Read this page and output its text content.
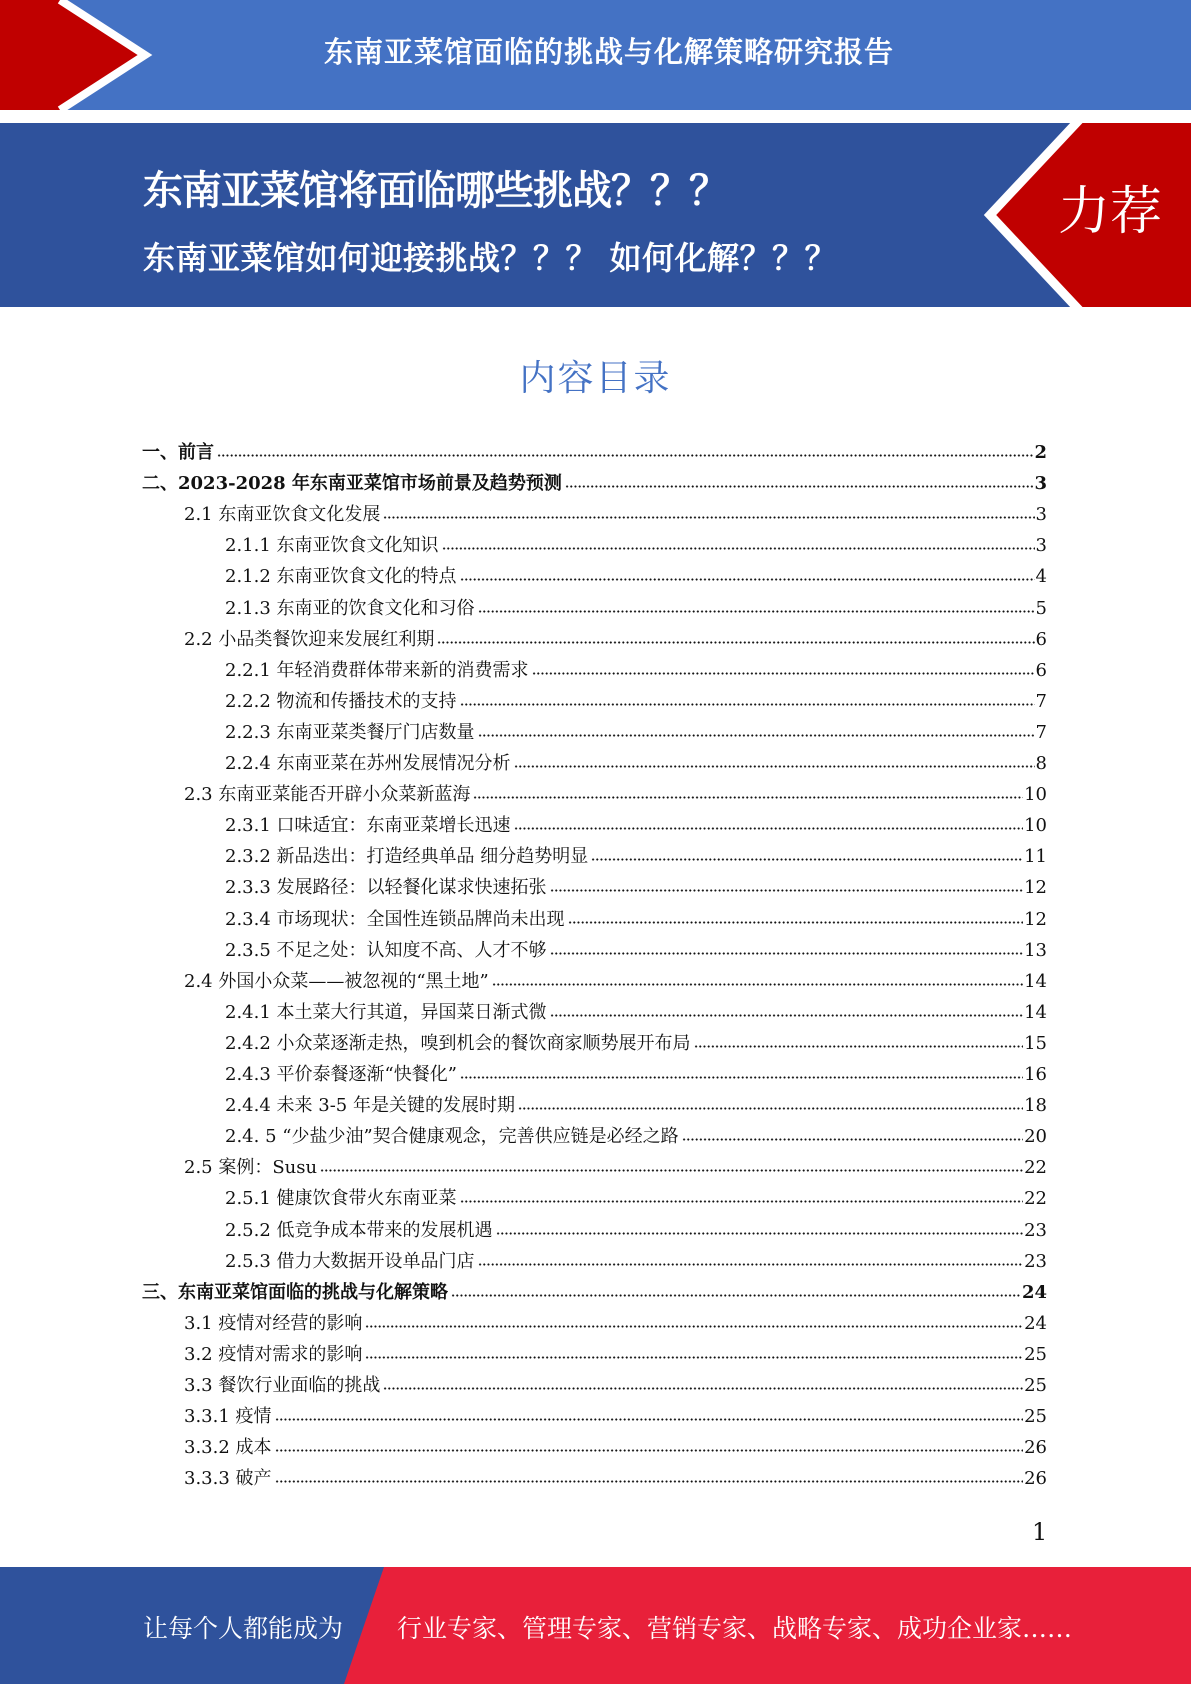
东南亚菜馆面临的挑战与化解策略研究报告
东南亚菜馆将面临哪些挑战？？？
东南亚菜馆如何迎接挑战？？？ 如何化解？？？
力荐
内容目录
一、前言	2
二、2023-2028 年东南亚菜馆市场前景及趋势预测	3
2.1 东南亚饮食文化发展	3
2.1.1 东南亚饮食文化知识	3
2.1.2 东南亚饮食文化的特点	4
2.1.3 东南亚的饮食文化和习俗	5
2.2 小品类餐饮迎来发展红利期	6
2.2.1 年轻消费群体带来新的消费需求	6
2.2.2 物流和传播技术的支持	7
2.2.3 东南亚菜类餐厅门店数量	7
2.2.4 东南亚菜在苏州发展情况分析	8
2.3 东南亚菜能否开辟小众菜新蓝海	10
2.3.1 口味适宜：东南亚菜增长迅速	10
2.3.2 新品迭出：打造经典单品 细分趋势明显	11
2.3.3 发展路径：以轻餐化谋求快速拓张	12
2.3.4 市场现状：全国性连锁品牌尚未出现	12
2.3.5 不足之处：认知度不高、人才不够	13
2.4 外国小众菜——被忽视的“黑土地”	14
2.4.1 本土菜大行其道，异国菜日渐式微	14
2.4.2 小众菜逐渐走热，嗅到机会的餐饮商家顺势展开布局	15
2.4.3 平价泰餐逐渐“快餐化”	16
2.4.4 未来 3-5 年是关键的发展时期	18
2.4. 5 “少盐少油”契合健康观念，完善供应链是必经之路	20
2.5 案例：Susu	22
2.5.1 健康饮食带火东南亚菜	22
2.5.2 低竞争成本带来的发展机遇	23
2.5.3 借力大数据开设单品门店	23
三、东南亚菜馆面临的挑战与化解策略	24
3.1 疫情对经营的影响	24
3.2 疫情对需求的影响	25
3.3 餐饮行业面临的挑战	25
3.3.1 疫情	25
3.3.2 成本	26
3.3.3 破产	26
1
让每个人都能成为 行业专家、管理专家、营销专家、战略专家、成功企业家……
